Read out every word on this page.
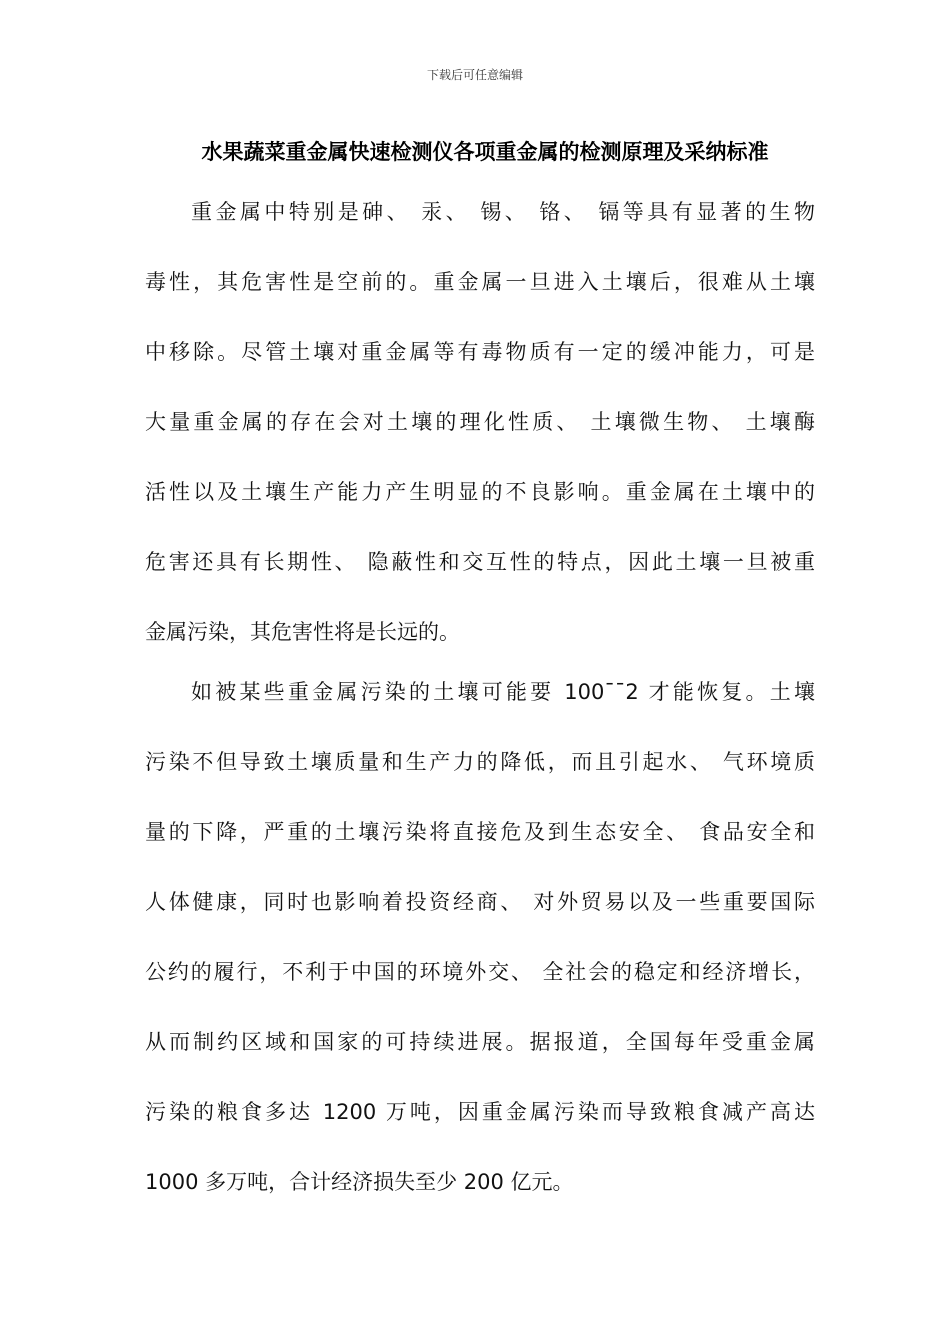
下载后可任意编辑
水果蔬菜重金属快速检测仪各项重金属的检测原理及采纳标准
重金属中特别是砷、 汞、 锡、 铬、 镉等具有显著的生物
毒性，其危害性是空前的。重金属一旦进入土壤后，很难从土壤
中移除。尽管土壤对重金属等有毒物质有一定的缓冲能力，可是
大量重金属的存在会对土壤的理化性质、 土壤微生物、 土壤酶
活性以及土壤生产能力产生明显的不良影响。重金属在土壤中的
危害还具有长期性、 隐蔽性和交互性的特点，因此土壤一旦被重
金属污染，其危害性将是长远的。
如被某些重金属污染的土壤可能要 100¯¯2 才能恢复。土壤
污染不但导致土壤质量和生产力的降低，而且引起水、 气环境质
量的下降，严重的土壤污染将直接危及到生态安全、 食品安全和
人体健康，同时也影响着投资经商、 对外贸易以及一些重要国际
公约的履行，不利于中国的环境外交、 全社会的稳定和经济增长，
从而制约区域和国家的可持续进展。据报道，全国每年受重金属
污染的粮食多达 1200 万吨，因重金属污染而导致粮食减产高达
1000 多万吨，合计经济损失至少 200 亿元。
